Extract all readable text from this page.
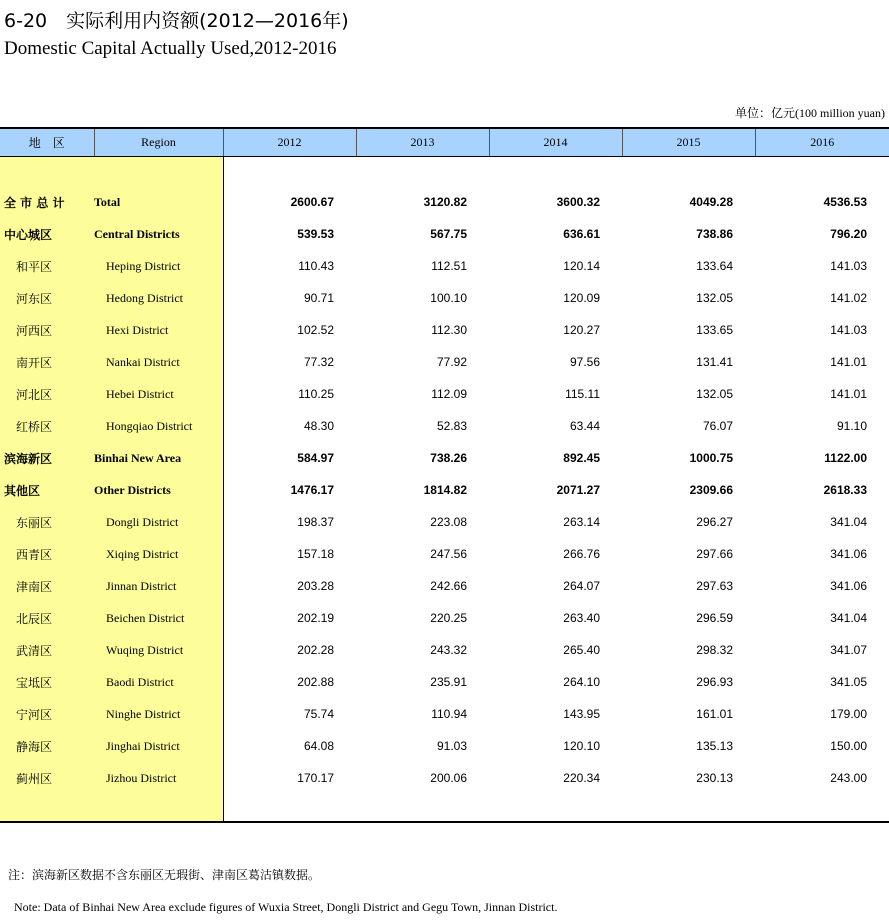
6-20　实际利用内资额(2012—2016年)
Domestic Capital Actually Used,2012-2016
单位：亿元(100 million yuan)
地　区	Region	2012	2013	2014	2015	2016

全 市 总 计	Total	2600.67	3120.82	3600.32	4049.28	4536.53
中心城区	Central Districts	539.53	567.75	636.61	738.86	796.20
和平区	Heping District	110.43	112.51	120.14	133.64	141.03
河东区	Hedong District	90.71	100.10	120.09	132.05	141.02
河西区	Hexi District	102.52	112.30	120.27	133.65	141.03
南开区	Nankai District	77.32	77.92	97.56	131.41	141.01
河北区	Hebei District	110.25	112.09	115.11	132.05	141.01
红桥区	Hongqiao District	48.30	52.83	63.44	76.07	91.10
滨海新区	Binhai New Area	584.97	738.26	892.45	1000.75	1122.00
其他区	Other Districts	1476.17	1814.82	2071.27	2309.66	2618.33
东丽区	Dongli District	198.37	223.08	263.14	296.27	341.04
西青区	Xiqing District	157.18	247.56	266.76	297.66	341.06
津南区	Jinnan District	203.28	242.66	264.07	297.63	341.06
北辰区	Beichen District	202.19	220.25	263.40	296.59	341.04
武清区	Wuqing District	202.28	243.32	265.40	298.32	341.07
宝坻区	Baodi District	202.88	235.91	264.10	296.93	341.05
宁河区	Ninghe District	75.74	110.94	143.95	161.01	179.00
静海区	Jinghai District	64.08	91.03	120.10	135.13	150.00
蓟州区	Jizhou District	170.17	200.06	220.34	230.13	243.00

注：滨海新区数据不含东丽区无瑕街、津南区葛沽镇数据。
Note: Data of Binhai New Area exclude figures of Wuxia Street, Dongli District and Gegu Town, Jinnan District.
